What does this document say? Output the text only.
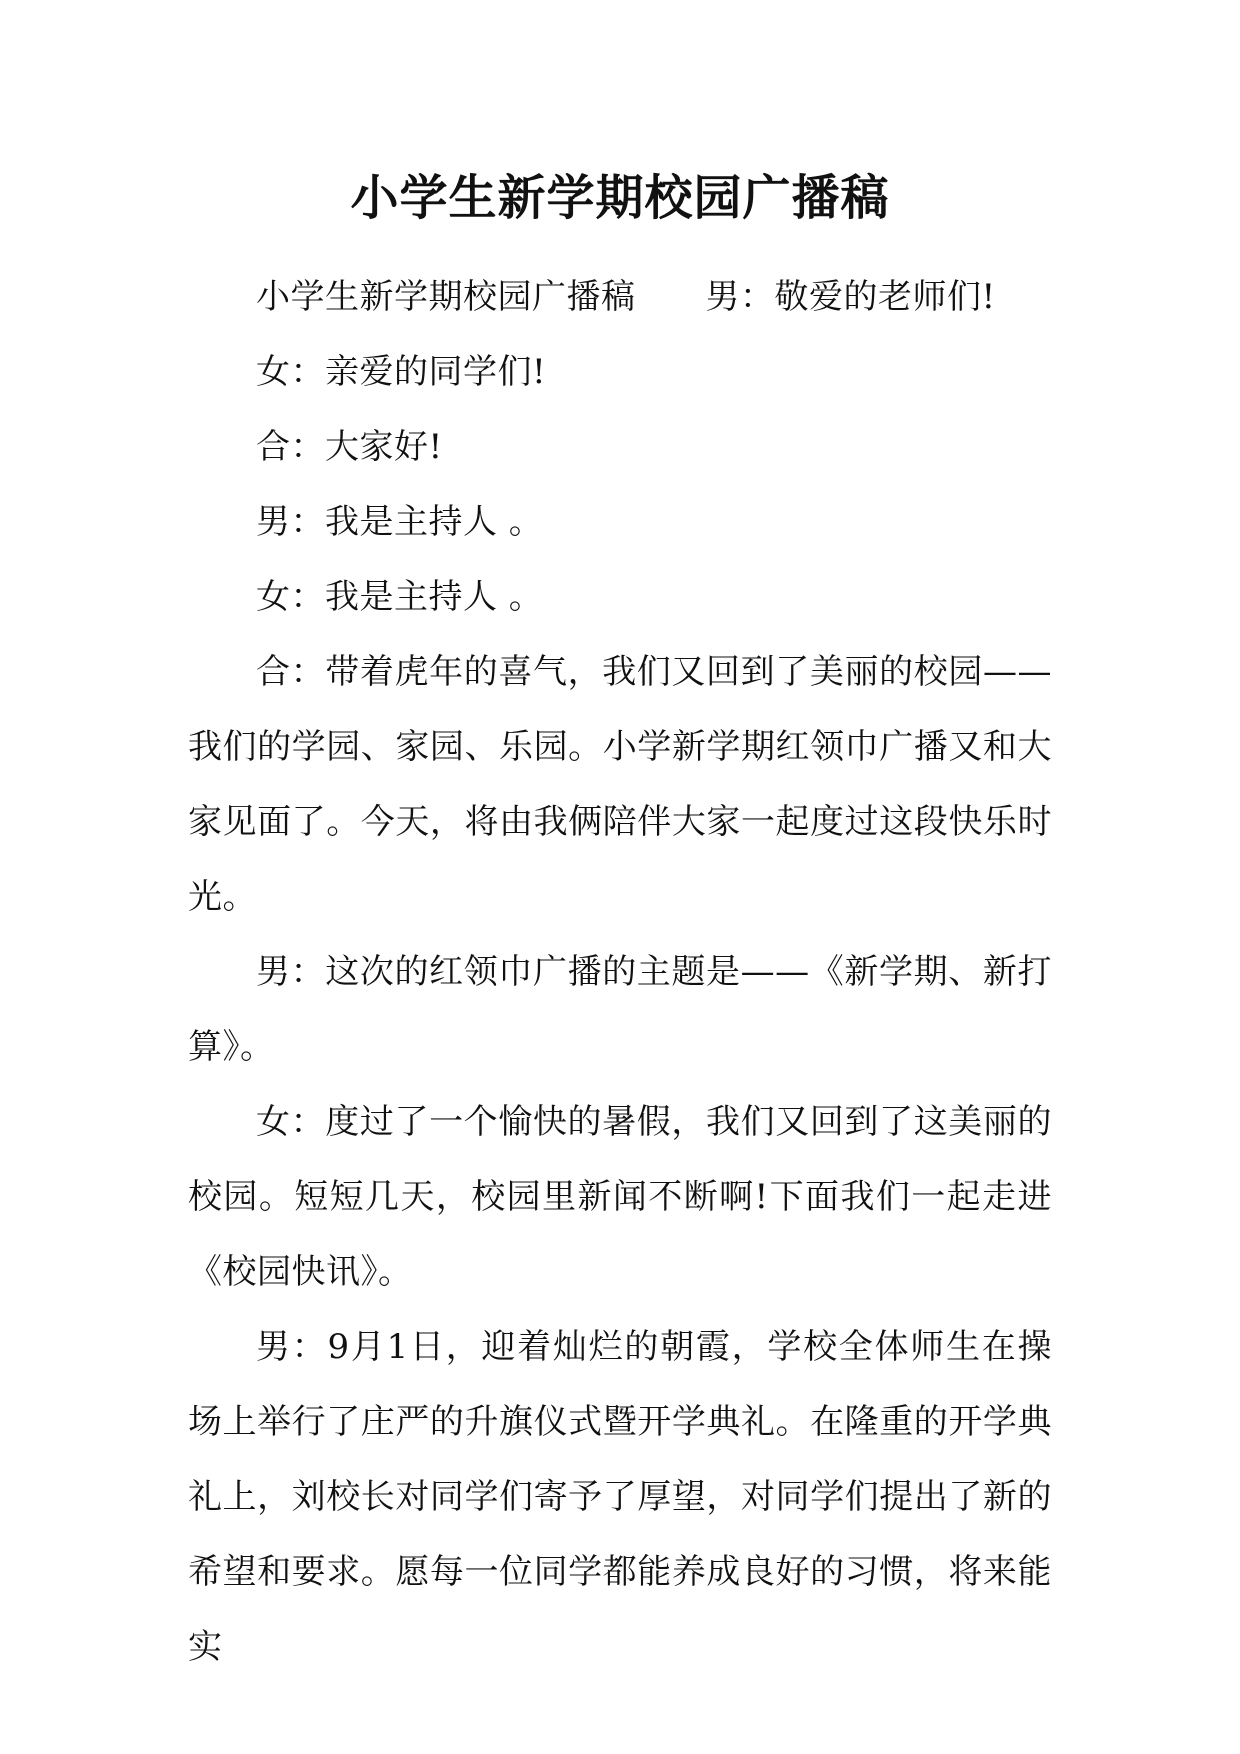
小学生新学期校园广播稿

小学生新学期校园广播稿 男：敬爱的老师们!

女：亲爱的同学们!

合：大家好!

男：我是主持人 。

女：我是主持人 。

合：带着虎年的喜气，我们又回到了美丽的校园——我们的学园、家园、乐园。小学新学期红领巾广播又和大家见面了。今天，将由我俩陪伴大家一起度过这段快乐时光。

男：这次的红领巾广播的主题是——《新学期、新打算》。

女：度过了一个愉快的暑假，我们又回到了这美丽的校园。短短几天，校园里新闻不断啊!下面我们一起走进《校园快讯》。

男：9月1日，迎着灿烂的朝霞，学校全体师生在操场上举行了庄严的升旗仪式暨开学典礼。在隆重的开学典礼上，刘校长对同学们寄予了厚望，对同学们提出了新的希望和要求。愿每一位同学都能养成良好的习惯，将来能实
